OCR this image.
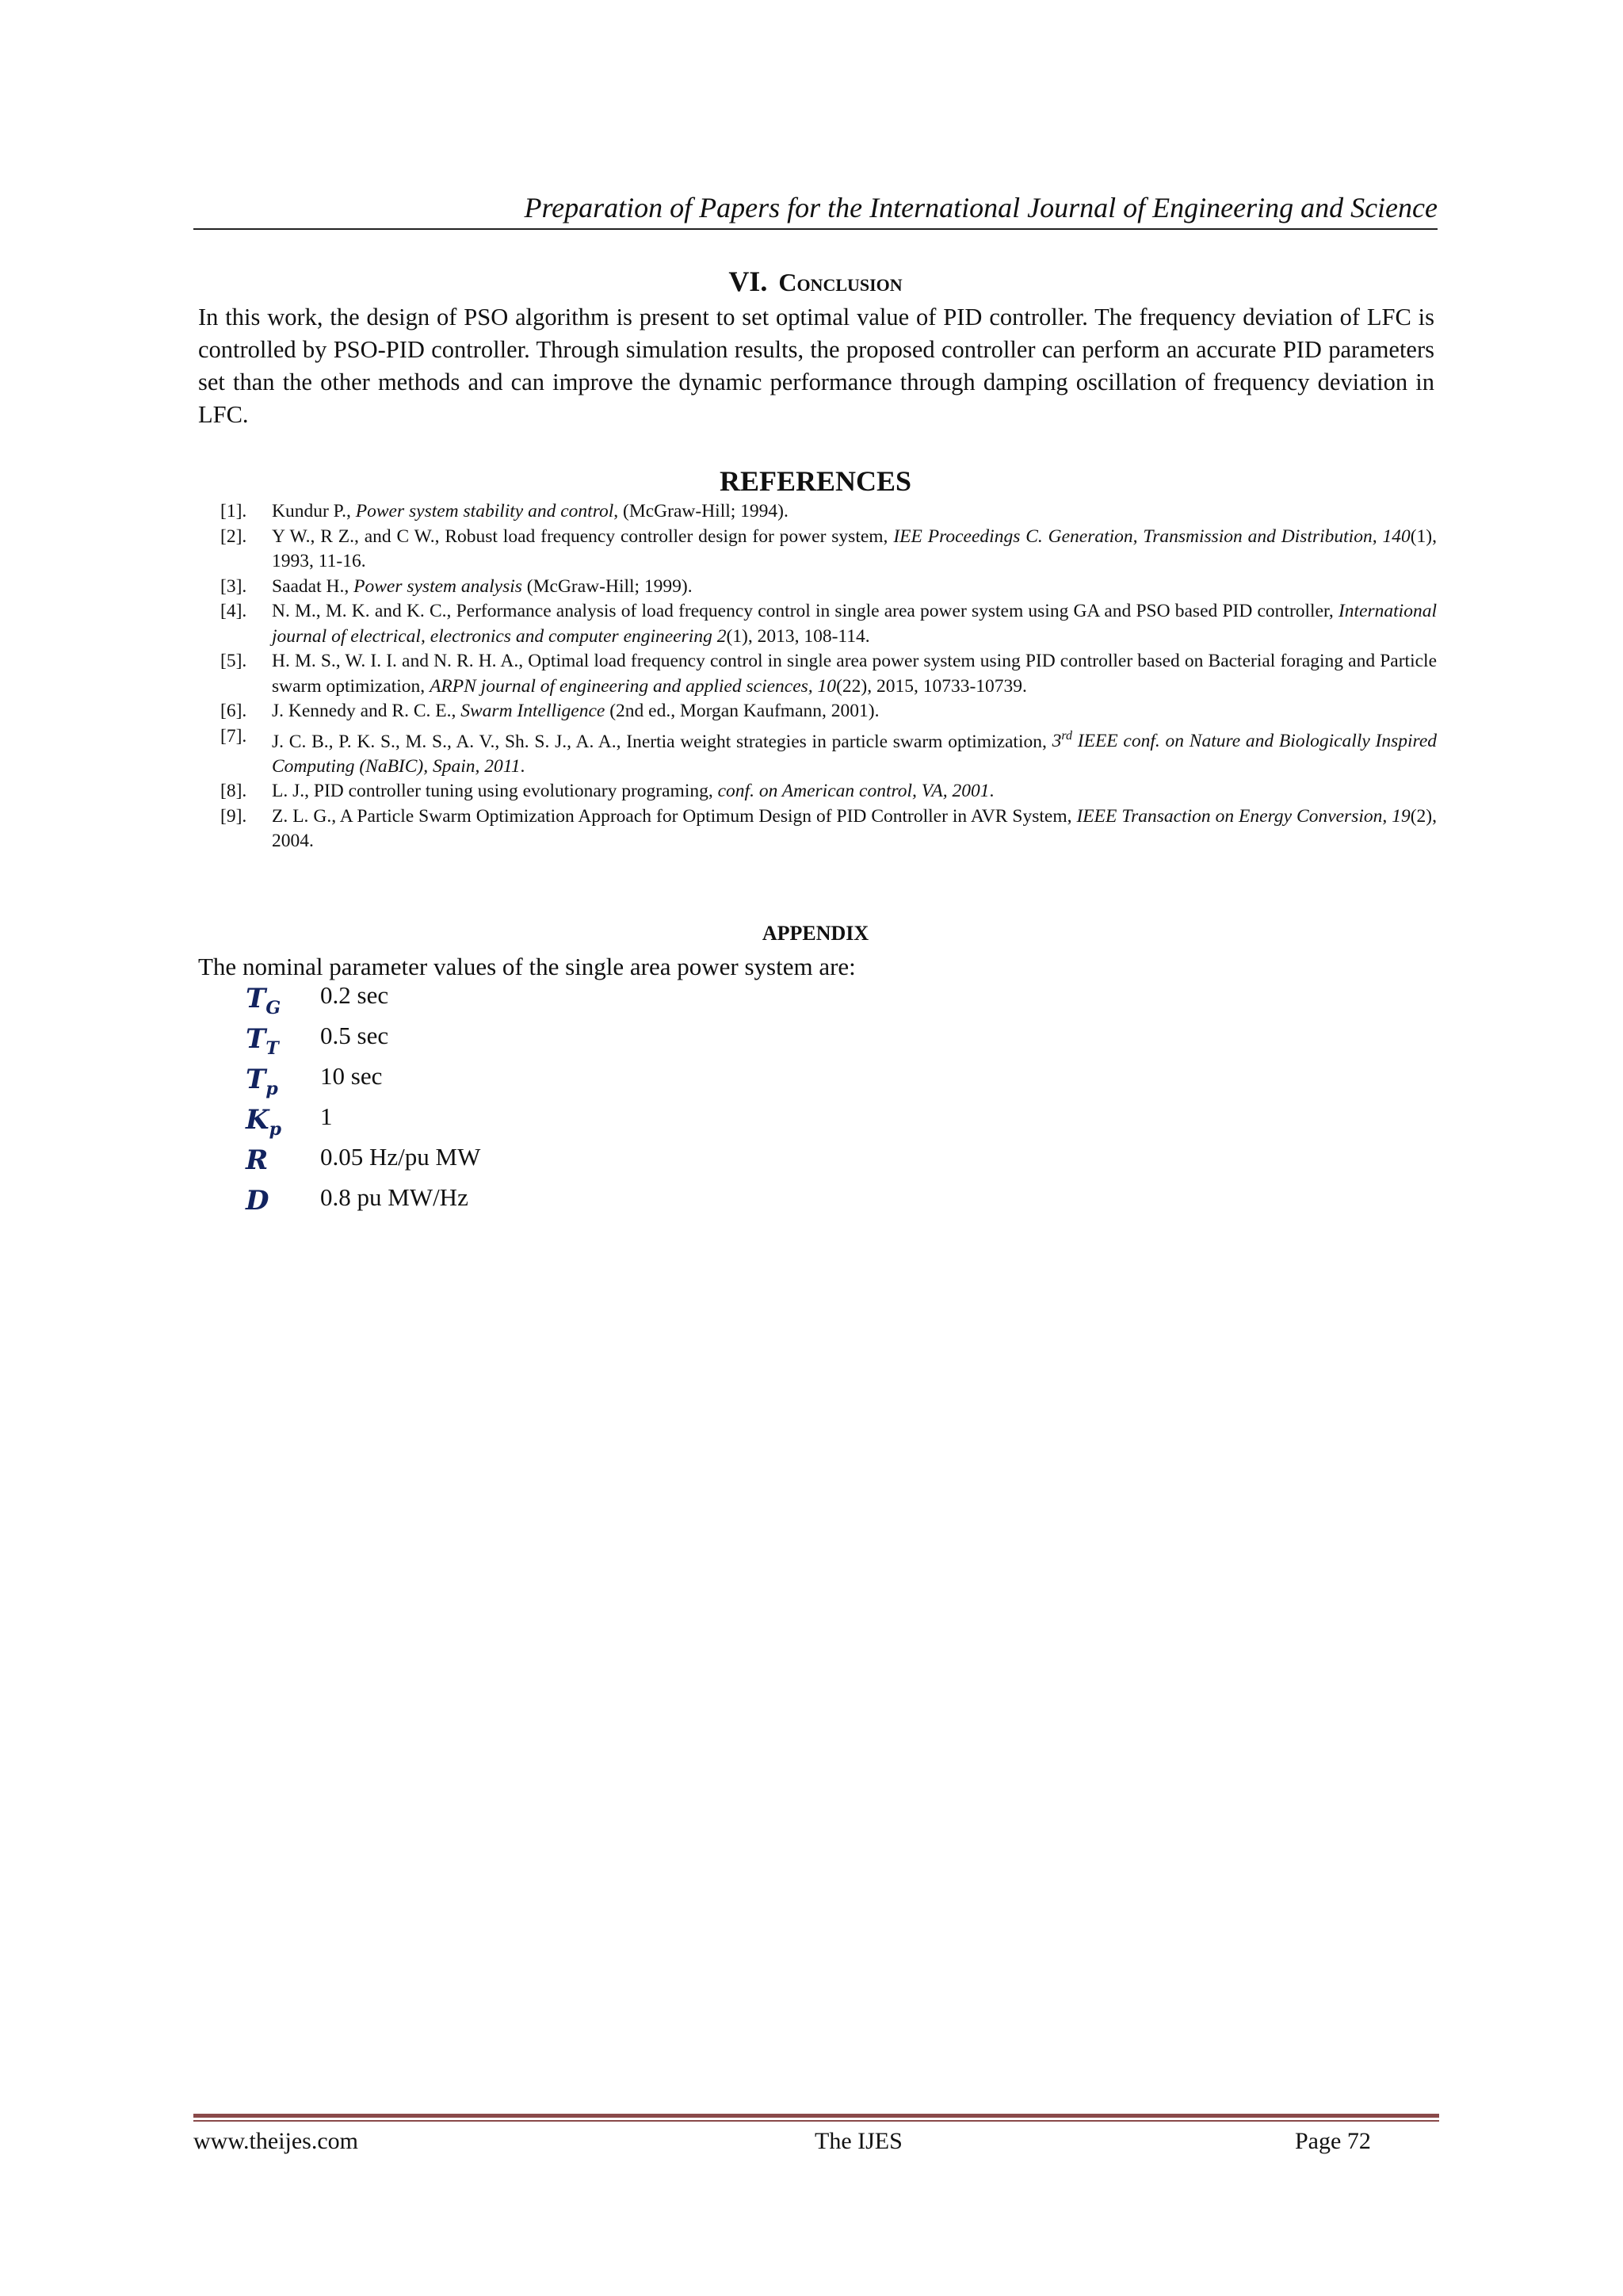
Preparation of Papers for the International Journal of Engineering and Science
VI. Conclusion
In this work, the design of PSO algorithm is present to set optimal value of PID controller. The frequency deviation of LFC is controlled by PSO-PID controller. Through simulation results, the proposed controller can perform an accurate PID parameters set than the other methods and can improve the dynamic performance through damping oscillation of frequency deviation in LFC.
REFERENCES
[1]. Kundur P., Power system stability and control, (McGraw-Hill; 1994).
[2]. Y W., R Z., and C W., Robust load frequency controller design for power system, IEE Proceedings C. Generation, Transmission and Distribution, 140(1), 1993, 11-16.
[3]. Saadat H., Power system analysis (McGraw-Hill; 1999).
[4]. N. M., M. K. and K. C., Performance analysis of load frequency control in single area power system using GA and PSO based PID controller, International journal of electrical, electronics and computer engineering 2(1), 2013, 108-114.
[5]. H. M. S., W. I. I. and N. R. H. A., Optimal load frequency control in single area power system using PID controller based on Bacterial foraging and Particle swarm optimization, ARPN journal of engineering and applied sciences, 10(22), 2015, 10733-10739.
[6]. J. Kennedy and R. C. E., Swarm Intelligence (2nd ed., Morgan Kaufmann, 2001).
[7]. J. C. B., P. K. S., M. S., A. V., Sh. S. J., A. A., Inertia weight strategies in particle swarm optimization, 3rd IEEE conf. on Nature and Biologically Inspired Computing (NaBIC), Spain, 2011.
[8]. L. J., PID controller tuning using evolutionary programing, conf. on American control, VA, 2001.
[9]. Z. L. G., A Particle Swarm Optimization Approach for Optimum Design of PID Controller in AVR System, IEEE Transaction on Energy Conversion, 19(2), 2004.
APPENDIX
The nominal parameter values of the single area power system are:
$T_G$ 0.2 sec
$T_T$ 0.5 sec
$T_p$ 10 sec
$K_p$ 1
R 0.05 Hz/pu MW
D 0.8 pu MW/Hz
www.theijes.com	The IJES	Page 72
